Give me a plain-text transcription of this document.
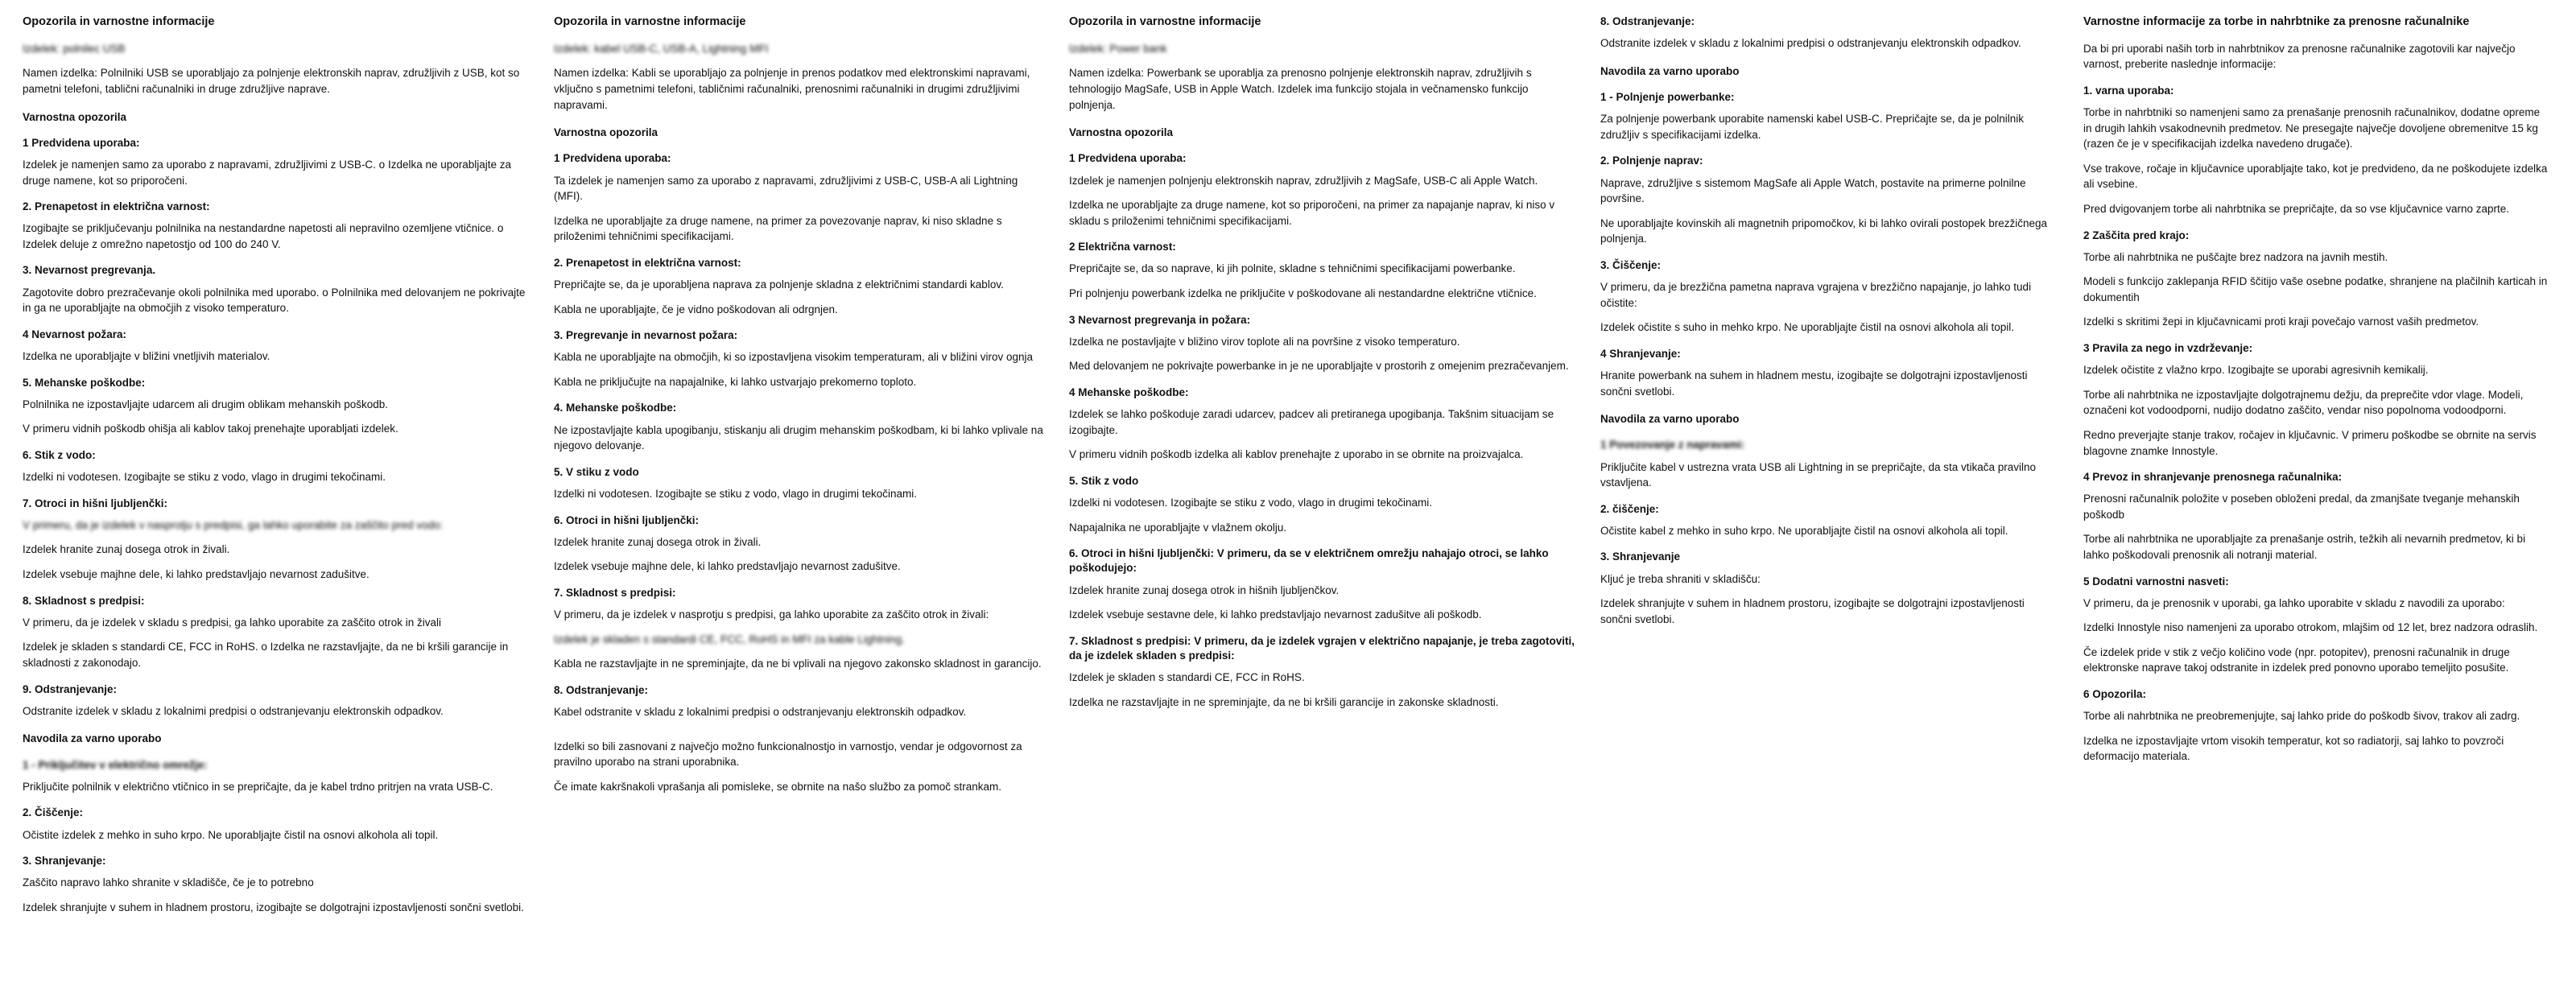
Opozorila in varnostne informacije

Izdelek: polnilec USB

Namen izdelka: Polnilniki USB se uporabljajo za polnjenje elektronskih naprav, združljivih z USB, kot so pametni telefoni, tablični računalniki in druge združljive naprave.

Varnostna opozorila
1 Predvidena uporaba:

Izdelek je namenjen samo za uporabo z napravami, združljivimi z USB-C. o Izdelka ne uporabljajte za druge namene, kot so priporočeni.

2. Prenapetost in električna varnost:

Izogibajte se priključevanju polnilnika na nestandardne napetosti ali nepravilno ozemljene vtičnice. o Izdelek deluje z omrežno napetostjo od 100 do 240 V.

3. Nevarnost pregrevanja.

Zagotovite dobro prezračevanje okoli polnilnika med uporabo. o Polnilnika med delovanjem ne pokrivajte in ga ne uporabljajte na območjih z visoko temperaturo.

4 Nevarnost požara:

Izdelka ne uporabljajte v bližini vnetljivih materialov.

5. Mehanske poškodbe:

Polnilnika ne izpostavljajte udarcem ali drugim oblikam mehanskih poškodb.

V primeru vidnih poškodb ohišja ali kablov takoj prenehajte uporabljati izdelek.

6. Stik z vodo:

Izdelki ni vodotesen. Izogibajte se stiku z vodo, vlago in drugimi tekočinami.

7. Otroci in hišni ljubljenčki:

V primeru, da je izdelek v nasprotju s predpisi, ga lahko uporabite za zaščito pred vodo:

Izdelek hranite zunaj dosega otrok in živali.

Izdelek vsebuje majhne dele, ki lahko predstavljajo nevarnost zadušitve.

8. Skladnost s predpisi:

V primeru, da je izdelek v skladu s predpisi, ga lahko uporabite za zaščito otrok in živali

Izdelek je skladen s standardi CE, FCC in RoHS. o Izdelka ne razstavljajte, da ne bi kršili garancije in skladnosti z zakonodajo.

9. Odstranjevanje:

Odstranite izdelek v skladu z lokalnimi predpisi o odstranjevanju elektronskih odpadkov.

Navodila za varno uporabo
1 - Priključitev v električno omrežje:

Priključite polnilnik v električno vtičnico in se prepričajte, da je kabel trdno pritrjen na vrata USB-C.

2. Čiščenje:

Očistite izdelek z mehko in suho krpo. Ne uporabljajte čistil na osnovi alkohola ali topil.

3. Shranjevanje:

Zaščito napravo lahko shranite v skladišče, če je to potrebno

Izdelek shranjujte v suhem in hladnem prostoru, izogibajte se dolgotrajni izpostavljenosti sončni svetlobi.

Opozorila in varnostne informacije

Izdelek: kabel USB-C, USB-A, Lightning MFI

Namen izdelka: Kabli se uporabljajo za polnjenje in prenos podatkov med elektronskimi napravami, vključno s pametnimi telefoni, tabličnimi računalniki, prenosnimi računalniki in drugimi združljivimi napravami.

Varnostna opozorila
1 Predvidena uporaba:

Ta izdelek je namenjen samo za uporabo z napravami, združljivimi z USB-C, USB-A ali Lightning (MFI).

Izdelka ne uporabljajte za druge namene, na primer za povezovanje naprav, ki niso skladne s priloženimi tehničnimi specifikacijami.

2. Prenapetost in električna varnost:

Prepričajte se, da je uporabljena naprava za polnjenje skladna z električnimi standardi kablov.

Kabla ne uporabljajte, če je vidno poškodovan ali odrgnjen.

3. Pregrevanje in nevarnost požara:

Kabla ne uporabljajte na območjih, ki so izpostavljena visokim temperaturam, ali v bližini virov ognja

Kabla ne priključujte na napajalnike, ki lahko ustvarjajo prekomerno toploto.

4. Mehanske poškodbe:

Ne izpostavljajte kabla upogibanju, stiskanju ali drugim mehanskim poškodbam, ki bi lahko vplivale na njegovo delovanje.

5. V stiku z vodo

Izdelki ni vodotesen. Izogibajte se stiku z vodo, vlago in drugimi tekočinami.

6. Otroci in hišni ljubljenčki:

Izdelek hranite zunaj dosega otrok in živali.

Izdelek vsebuje majhne dele, ki lahko predstavljajo nevarnost zadušitve.

7. Skladnost s predpisi:

V primeru, da je izdelek v nasprotju s predpisi, ga lahko uporabite za zaščito otrok in živali:

Izdelek je skladen s standardi CE, FCC, RoHS in MFI za kable Lightning.

Kabla ne razstavljajte in ne spreminjajte, da ne bi vplivali na njegovo zakonsko skladnost in garancijo.

8. Odstranjevanje:

Kabel odstranite v skladu z lokalnimi predpisi o odstranjevanju elektronskih odpadkov.

Izdelki so bili zasnovani z največjo možno funkcionalnostjo in varnostjo, vendar je odgovornost za pravilno uporabo na strani uporabnika.

Če imate kakršnakoli vprašanja ali pomisleke, se obrnite na našo službo za pomoč strankam.

Opozorila in varnostne informacije

Izdelek: Power bank

Namen izdelka: Powerbank se uporablja za prenosno polnjenje elektronskih naprav, združljivih s tehnologijo MagSafe, USB in Apple Watch. Izdelek ima funkcijo stojala in večnamensko funkcijo polnjenja.

Varnostna opozorila
1 Predvidena uporaba:

Izdelek je namenjen polnjenju elektronskih naprav, združljivih z MagSafe, USB-C ali Apple Watch.

Izdelka ne uporabljajte za druge namene, kot so priporočeni, na primer za napajanje naprav, ki niso v skladu s priloženimi tehničnimi specifikacijami.

2 Električna varnost:

Prepričajte se, da so naprave, ki jih polnite, skladne s tehničnimi specifikacijami powerbanke.

Pri polnjenju powerbank izdelka ne priključite v poškodovane ali nestandardne električne vtičnice.

3 Nevarnost pregrevanja in požara:

Izdelka ne postavljajte v bližino virov toplote ali na površine z visoko temperaturo.

Med delovanjem ne pokrivajte powerbanke in je ne uporabljajte v prostorih z omejenim prezračevanjem.

4 Mehanske poškodbe:

Izdelek se lahko poškoduje zaradi udarcev, padcev ali pretiranega upogibanja. Takšnim situacijam se izogibajte.

V primeru vidnih poškodb izdelka ali kablov prenehajte z uporabo in se obrnite na proizvajalca.

5. Stik z vodo

Izdelki ni vodotesen. Izogibajte se stiku z vodo, vlago in drugimi tekočinami.

Napajalnika ne uporabljajte v vlažnem okolju.

6. Otroci in hišni ljubljenčki: V primeru, da se v električnem omrežju nahajajo otroci, se lahko poškodujejo:

Izdelek hranite zunaj dosega otrok in hišnih ljubljenčkov.

Izdelek vsebuje sestavne dele, ki lahko predstavljajo nevarnost zadušitve ali poškodb.

7. Skladnost s predpisi: V primeru, da je izdelek vgrajen v električno napajanje, je treba zagotoviti, da je izdelek skladen s predpisi:

Izdelek je skladen s standardi CE, FCC in RoHS.

Izdelka ne razstavljajte in ne spreminjajte, da ne bi kršili garancije in zakonske skladnosti.

8. Odstranjevanje:

Odstranite izdelek v skladu z lokalnimi predpisi o odstranjevanju elektronskih odpadkov.

Navodila za varno uporabo
1 - Polnjenje powerbanke:

Za polnjenje powerbank uporabite namenski kabel USB-C. Prepričajte se, da je polnilnik združljiv s specifikacijami izdelka.

2. Polnjenje naprav:

Naprave, združljive s sistemom MagSafe ali Apple Watch, postavite na primerne polnilne površine.

Ne uporabljajte kovinskih ali magnetnih pripomočkov, ki bi lahko ovirali postopek brezžičnega polnjenja.

3. Čiščenje:

V primeru, da je brezžična pametna naprava vgrajena v brezžično napajanje, jo lahko tudi očistite:

Izdelek očistite s suho in mehko krpo. Ne uporabljajte čistil na osnovi alkohola ali topil.

4 Shranjevanje:

Hranite powerbank na suhem in hladnem mestu, izogibajte se dolgotrajni izpostavljenosti sončni svetlobi.

Navodila za varno uporabo
1 Povezovanje z napravami:

Priključite kabel v ustrezna vrata USB ali Lightning in se prepričajte, da sta vtikača pravilno vstavljena.

2. čiščenje:

Očistite kabel z mehko in suho krpo. Ne uporabljajte čistil na osnovi alkohola ali topil.

3. Shranjevanje

Kljuć je treba shraniti v skladišču:

Izdelek shranjujte v suhem in hladnem prostoru, izogibajte se dolgotrajni izpostavljenosti sončni svetlobi.

Varnostne informacije za torbe in nahrbtnike za prenosne računalnike

Da bi pri uporabi naših torb in nahrbtnikov za prenosne računalnike zagotovili kar največjo varnost, preberite naslednje informacije:

1. varna uporaba:

Torbe in nahrbtniki so namenjeni samo za prenašanje prenosnih računalnikov, dodatne opreme in drugih lahkih vsakodnevnih predmetov. Ne presegajte največje dovoljene obremenitve 15 kg (razen če je v specifikacijah izdelka navedeno drugače).

Vse trakove, ročaje in ključavnice uporabljajte tako, kot je predvideno, da ne poškodujete izdelka ali vsebine.

Pred dvigovanjem torbe ali nahrbtnika se prepričajte, da so vse ključavnice varno zaprte.

2 Zaščita pred krajo:

Torbe ali nahrbtnika ne puščajte brez nadzora na javnih mestih.

Modeli s funkcijo zaklepanja RFID ščitijo vaše osebne podatke, shranjene na plačilnih karticah in dokumentih

Izdelki s skritimi žepi in ključavnicami proti kraji povečajo varnost vaših predmetov.

3 Pravila za nego in vzdrževanje:

Izdelek očistite z vlažno krpo. Izogibajte se uporabi agresivnih kemikalij.

Torbe ali nahrbtnika ne izpostavljajte dolgotrajnemu dežju, da preprečite vdor vlage. Modeli, označeni kot vodoodporni, nudijo dodatno zaščito, vendar niso popolnoma vodoodporni.

Redno preverjajte stanje trakov, ročajev in ključavnic. V primeru poškodbe se obrnite na servis blagovne znamke Innostyle.

4 Prevoz in shranjevanje prenosnega računalnika:

Prenosni računalnik položite v poseben obloženi predal, da zmanjšate tveganje mehanskih poškodb

Torbe ali nahrbtnika ne uporabljajte za prenašanje ostrih, težkih ali nevarnih predmetov, ki bi lahko poškodovali prenosnik ali notranji material.

5 Dodatni varnostni nasveti:

V primeru, da je prenosnik v uporabi, ga lahko uporabite v skladu z navodili za uporabo:

Izdelki Innostyle niso namenjeni za uporabo otrokom, mlajšim od 12 let, brez nadzora odraslih.

Če izdelek pride v stik z večjo količino vode (npr. potopitev), prenosni računalnik in druge elektronske naprave takoj odstranite in izdelek pred ponovno uporabo temeljito posušite.

6 Opozorila:

Torbe ali nahrbtnika ne preobremenjujte, saj lahko pride do poškodb šivov, trakov ali zadrg.

Izdelka ne izpostavljajte vrtom visokih temperatur, kot so radiatorji, saj lahko to povzroči deformacijo materiala.
